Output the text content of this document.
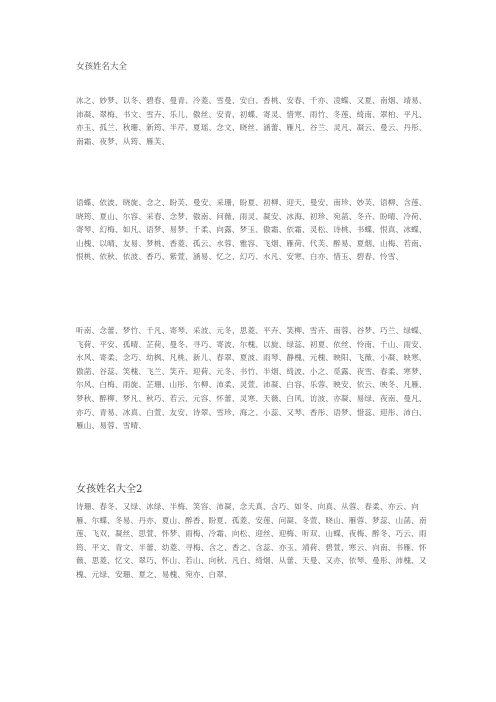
女孩姓名大全
冰之、妙梦、以冬、碧春、曼青、冷菱、雪曼、安白、香桃、安春、千亦、凌蝶、又夏、南烟、靖易、沛凝、翠梅、书文、雪卉、乐儿、傲丝、安青、初蝶、寄灵、惜寒、雨竹、冬莲、绮南、翠柏、平凡、亦玉、孤兰、秋珊、新筠、半芹、夏瑶、念文、晓丝、涵蕾、雁凡、谷兰、灵凡、凝云、曼云、丹彤、南霜、夜梦、从筠、雁芙、
语蝶、依波、晓旋、念之、盼芙、曼安、采珊、盼夏、初柳、迎天、曼安、南珍、妙芙、语柳、含莲、晓筠、夏山、尔容、采春、念梦、傲南、问薇、雨灵、凝安、冰海、初珍、宛菡、冬卉、盼晴、冷荷、寄琴、幻梅、如凡、语梦、易梦、千柔、向露、梦玉、傲霜、依霜、灵松、诗桃、书蝶、恨真、冰蝶、山槐、以晴、友易、梦桃、香菱、孤云、水蓉、雅容、飞烟、雁荷、代芙、醉易、夏烟、山梅、若南、恨桃、依秋、依波、香巧、紫萱、涵易、忆之、幻巧、水凡、安寒、白亦、惜玉、碧春、怜雪、
听南、念蕾、梦竹、千凡、寄琴、采波、元冬、思菱、平卉、笑柳、雪卉、南蓉、谷梦、巧兰、绿蝶、飞荷、平安、孤晴、芷荷、曼冬、寻巧、寄波、尔槐、以旋、绿蕊、初夏、依丝、怜南、千山、雨安、水风、寄柔、念巧、幼枫、凡桃、新儿、春翠、夏波、雨琴、静槐、元槐、映阳、飞薇、小凝、映寒、傲菡、谷蕊、笑槐、飞兰、笑卉、迎荷、元冬、书竹、半烟、绮波、小之、觅露、夜雪、春柔、寒梦、尔风、白梅、雨旋、芷珊、山彤、尔柳、沛柔、灵萱、沛凝、白容、乐蓉、映安、依云、映冬、凡雁、梦秋、醉柳、梦凡、秋巧、若云、元容、怀蕾、灵寒、天薇、白风、访波、亦凝、易绿、夜南、曼凡、亦巧、青易、冰真、白萱、友安、诗翠、雪珍、海之、小蕊、又琴、香彤、语梦、惜蕊、迎彤、沛白、雁山、易蓉、雪晴、
女孩姓名大全2
诗珊、春冬、又绿、冰绿、半梅、笑容、沛凝、念天真、含巧、如冬、向真、从蓉、春柔、亦云、向雁、尔蝶、冬易、丹亦、夏山、醉香、盼夏、孤菱、安莲、问凝、冬萱、晓山、雁蓉、梦蕊、山菡、南莲、飞双、凝丝、思萱、怀梦、雨梅、冷霜、向松、迎丝、迎梅、听双、山蝶、夜梅、醉冬、巧云、雨筠、平文、青文、半蕾、幼菱、寻梅、含之、香之、含蕊、亦玉、靖荷、碧萱、寒云、向南、书雁、怀薇、思菱、忆文、翠巧、怀山、若山、向秋、凡白、绮烟、从蕾、天曼、又亦、依琴、曼彤、沛槐、又槐、元绿、安珊、夏之、易槐、宛亦、白翠、
